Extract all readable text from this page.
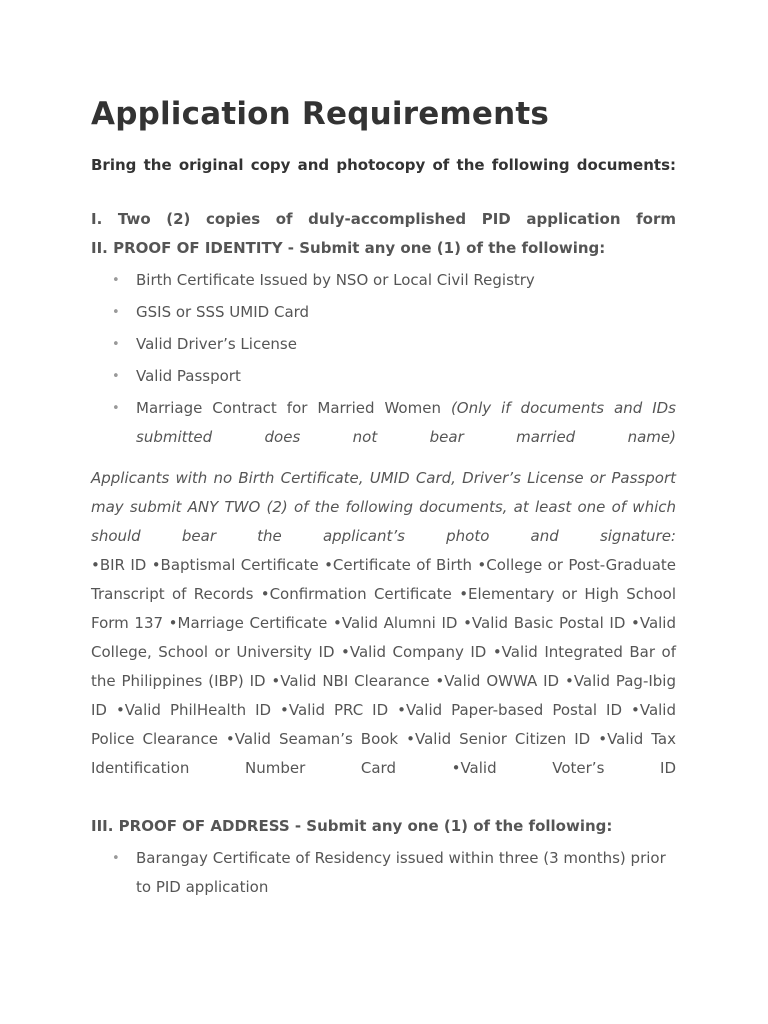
Application Requirements

Bring the original copy and photocopy of the following documents:

I. Two (2) copies of duly-accomplished PID application form

II. PROOF OF IDENTITY - Submit any one (1) of the following:

• Birth Certificate Issued by NSO or Local Civil Registry
• GSIS or SSS UMID Card
• Valid Driver’s License
• Valid Passport
• Marriage Contract for Married Women (Only if documents and IDs submitted does not bear married name)
Applicants with no Birth Certificate, UMID Card, Driver’s License or Passport may submit ANY TWO (2) of the following documents, at least one of which should bear the applicant’s photo and signature:
•BIR ID •Baptismal Certificate •Certificate of Birth •College or Post-Graduate Transcript of Records •Confirmation Certificate •Elementary or High School Form 137 •Marriage Certificate •Valid Alumni ID •Valid Basic Postal ID •Valid College, School or University ID •Valid Company ID •Valid Integrated Bar of the Philippines (IBP) ID •Valid NBI Clearance •Valid OWWA ID •Valid Pag-Ibig ID •Valid PhilHealth ID •Valid PRC ID •Valid Paper-based Postal ID •Valid Police Clearance •Valid Seaman’s Book •Valid Senior Citizen ID •Valid Tax Identification Number Card •Valid Voter’s ID

III. PROOF OF ADDRESS - Submit any one (1) of the following:

• Barangay Certificate of Residency issued within three (3 months) prior to PID application
